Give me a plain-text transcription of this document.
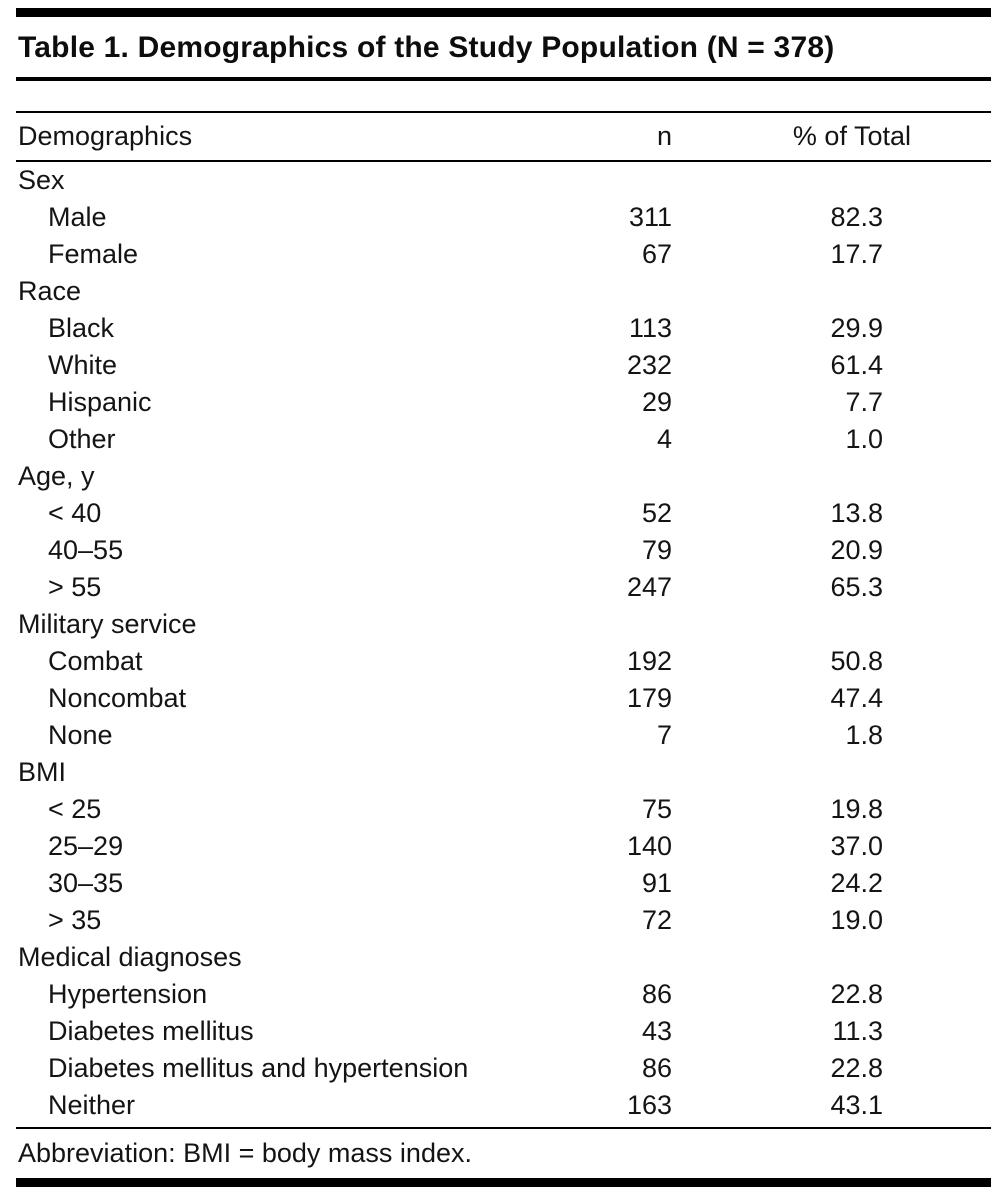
Table 1. Demographics of the Study Population (N = 378)
Demographics	n	% of Total
Sex
Male	311	82.3
Female	67	17.7
Race
Black	113	29.9
White	232	61.4
Hispanic	29	7.7
Other	4	1.0
Age, y
< 40	52	13.8
40–55	79	20.9
> 55	247	65.3
Military service
Combat	192	50.8
Noncombat	179	47.4
None	7	1.8
BMI
< 25	75	19.8
25–29	140	37.0
30–35	91	24.2
> 35	72	19.0
Medical diagnoses
Hypertension	86	22.8
Diabetes mellitus	43	11.3
Diabetes mellitus and hypertension	86	22.8
Neither	163	43.1
Abbreviation: BMI = body mass index.
